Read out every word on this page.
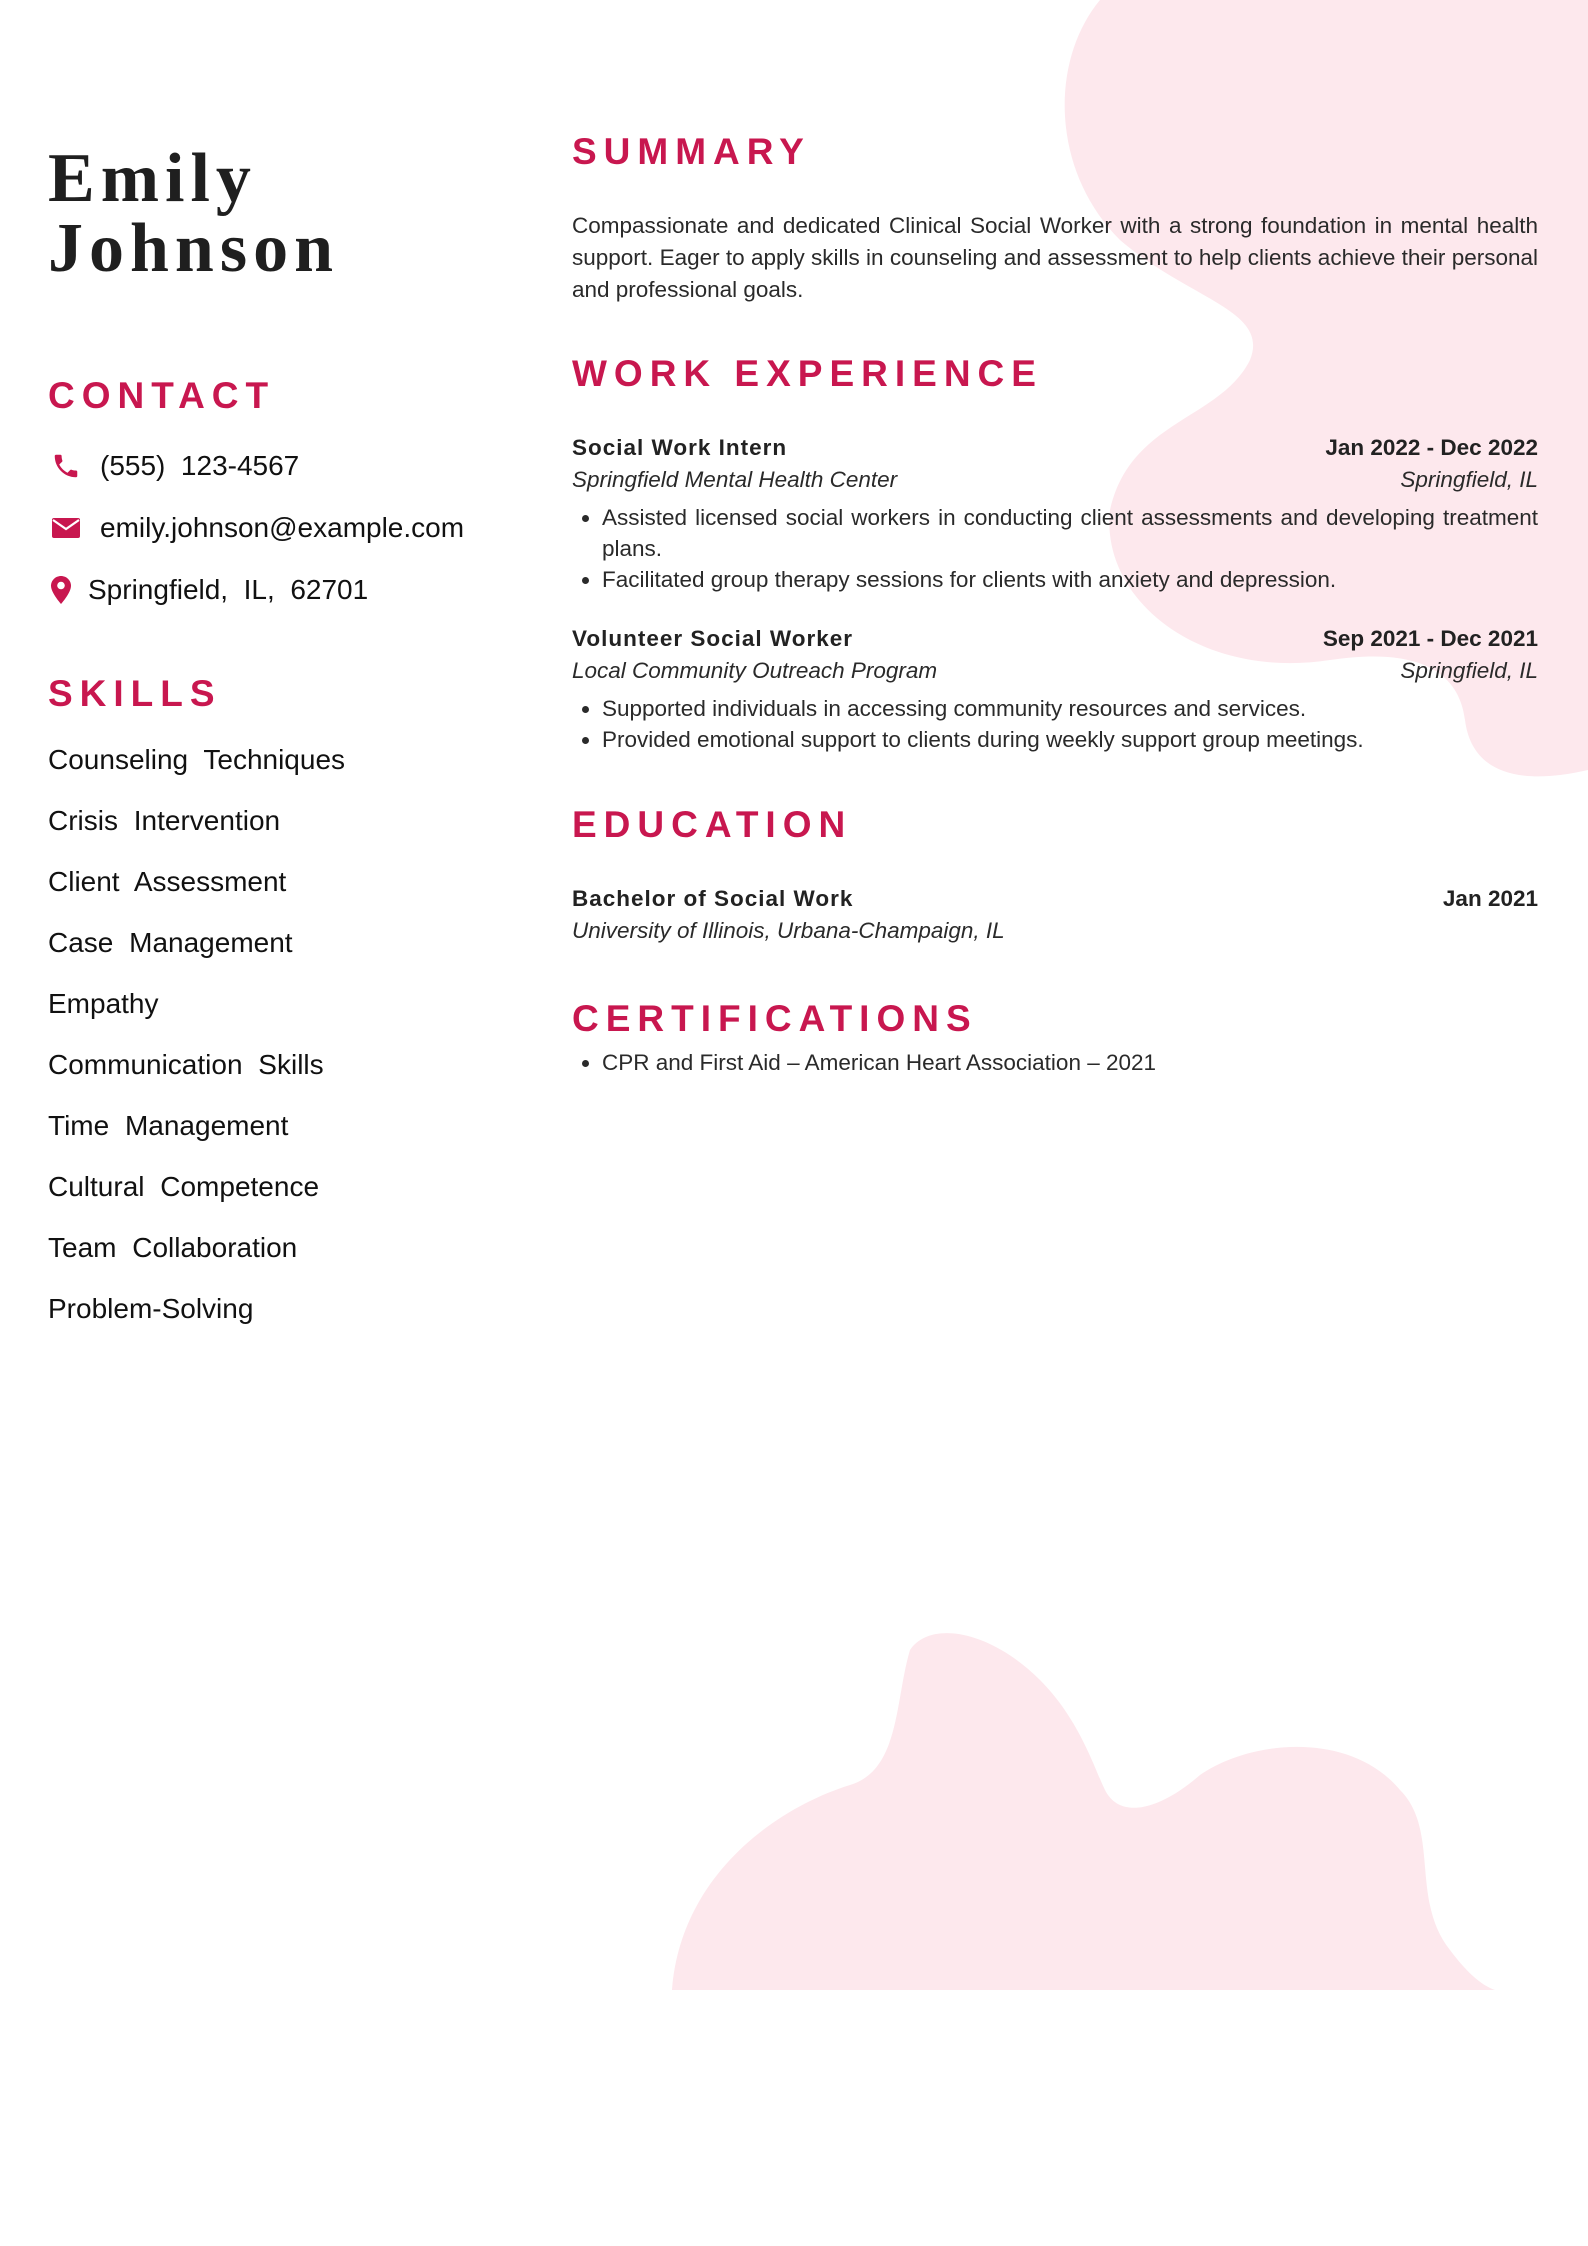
Emily
Johnson
CONTACT
(555)  123-4567
emily.johnson@example.com
Springfield,  IL,  62701
SKILLS
Counseling Techniques
Crisis Intervention
Client Assessment
Case Management
Empathy
Communication Skills
Time Management
Cultural Competence
Team Collaboration
Problem-Solving
SUMMARY

Compassionate and dedicated Clinical Social Worker with a strong foundation in mental health support. Eager to apply skills in counseling and assessment to help clients achieve their personal and professional goals.

WORK EXPERIENCE
Social Work Intern	Jan 2022 - Dec 2022
Springfield Mental Health Center	Springfield, IL
• Assisted licensed social workers in conducting client assessments and developing treatment plans.
• Facilitated group therapy sessions for clients with anxiety and depression.
Volunteer Social Worker	Sep 2021 - Dec 2021
Local Community Outreach Program	Springfield, IL
• Supported individuals in accessing community resources and services.
• Provided emotional support to clients during weekly support group meetings.
EDUCATION
Bachelor of Social Work	Jan 2021
University of Illinois, Urbana-Champaign, IL
CERTIFICATIONS
• CPR and First Aid – American Heart Association – 2021
